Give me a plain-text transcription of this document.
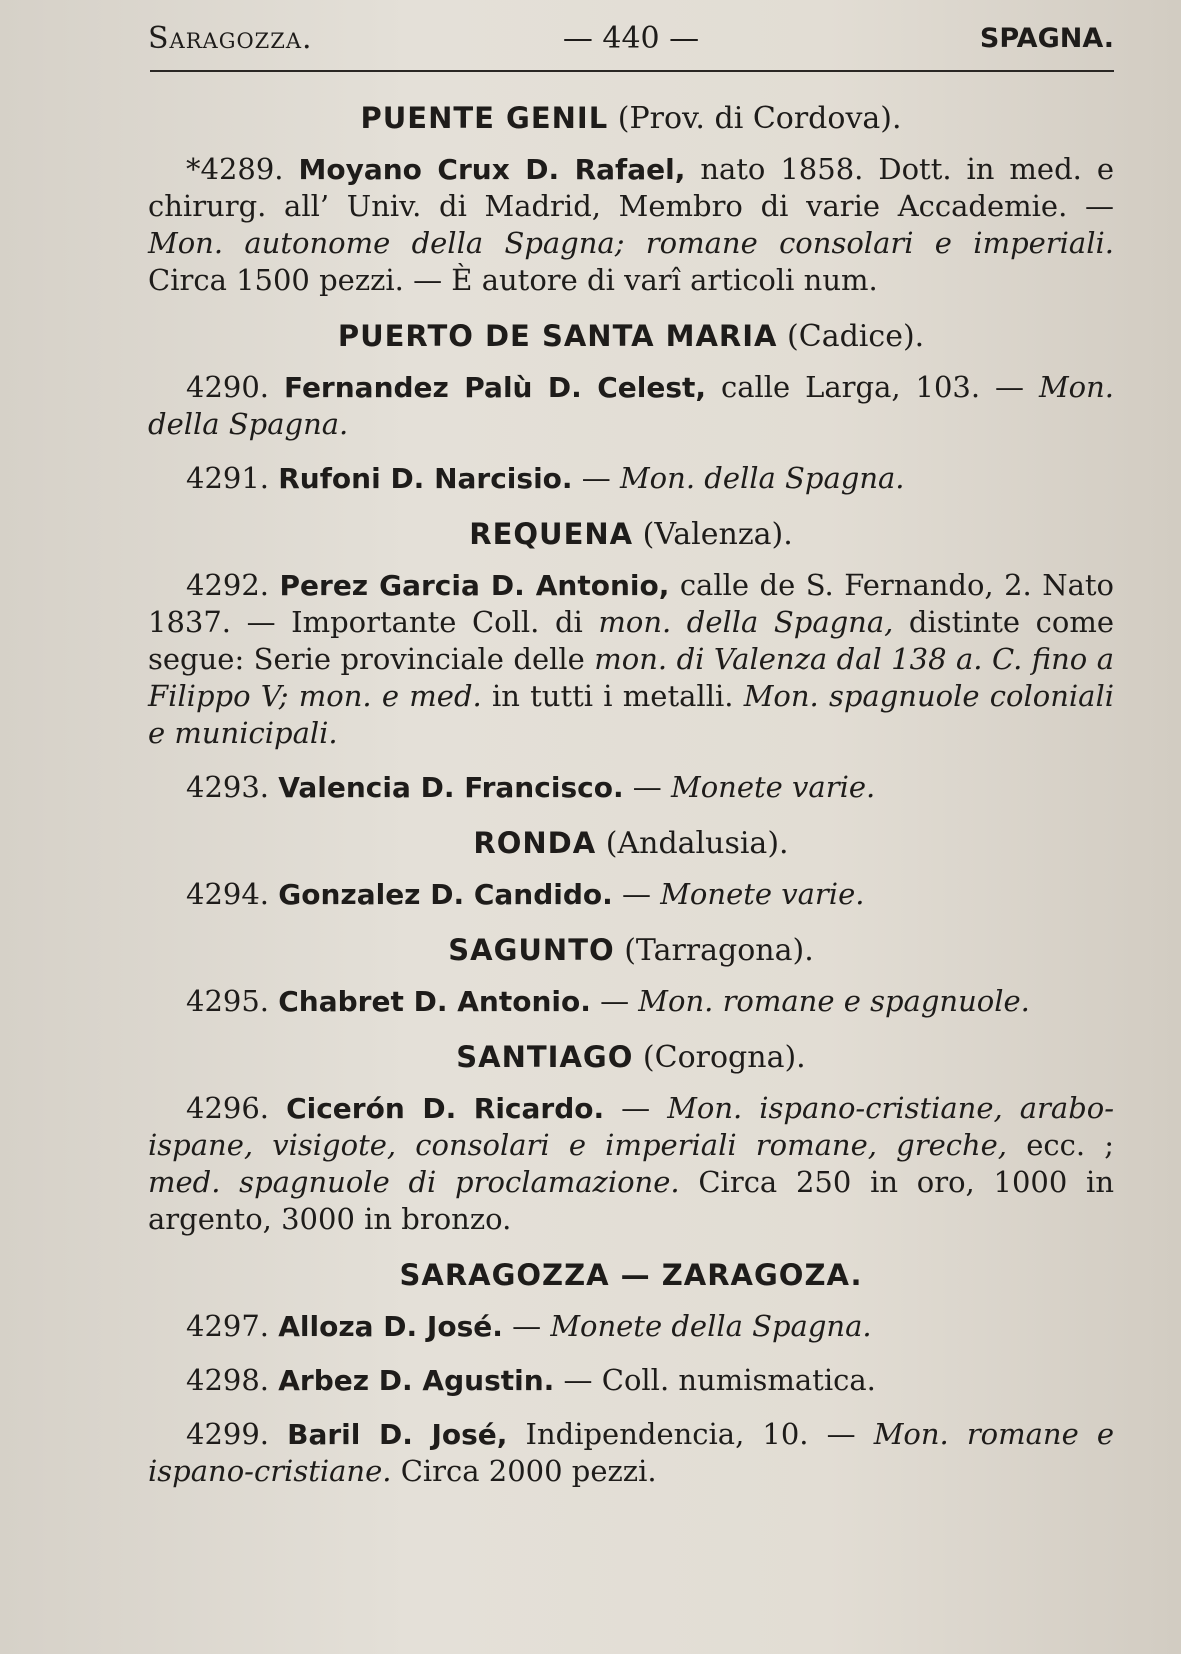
Saragozza.	— 440 —	SPAGNA.
PUENTE GENIL (Prov. di Cordova).

*4289. Moyano Crux D. Rafael, nato 1858. Dott. in med. e chirurg. all’ Univ. di Madrid, Membro di varie Accademie. — Mon. autonome della Spagna; romane consolari e imperiali. Circa 1500 pezzi. — È autore di varî articoli num.

PUERTO DE SANTA MARIA (Cadice).

4290. Fernandez Palù D. Celest, calle Larga, 103. — Mon. della Spagna.

4291. Rufoni D. Narcisio. — Mon. della Spagna.

REQUENA (Valenza).

4292. Perez Garcia D. Antonio, calle de S. Fernando, 2. Nato 1837. — Importante Coll. di mon. della Spagna, distinte come segue: Serie provinciale delle mon. di Valenza dal 138 a. C. fino a Filippo V; mon. e med. in tutti i metalli. Mon. spagnuole coloniali e municipali.

4293. Valencia D. Francisco. — Monete varie.

RONDA (Andalusia).

4294. Gonzalez D. Candido. — Monete varie.

SAGUNTO (Tarragona).

4295. Chabret D. Antonio. — Mon. romane e spagnuole.

SANTIAGO (Corogna).

4296. Cicerón D. Ricardo. — Mon. ispano-cristiane, arabo-ispane, visigote, consolari e imperiali romane, greche, ecc. ; med. spagnuole di proclamazione. Circa 250 in oro, 1000 in argento, 3000 in bronzo.

SARAGOZZA — ZARAGOZA.

4297. Alloza D. José. — Monete della Spagna.

4298. Arbez D. Agustin. — Coll. numismatica.

4299. Baril D. José, Indipendencia, 10. — Mon. romane e ispano-cristiane. Circa 2000 pezzi.
